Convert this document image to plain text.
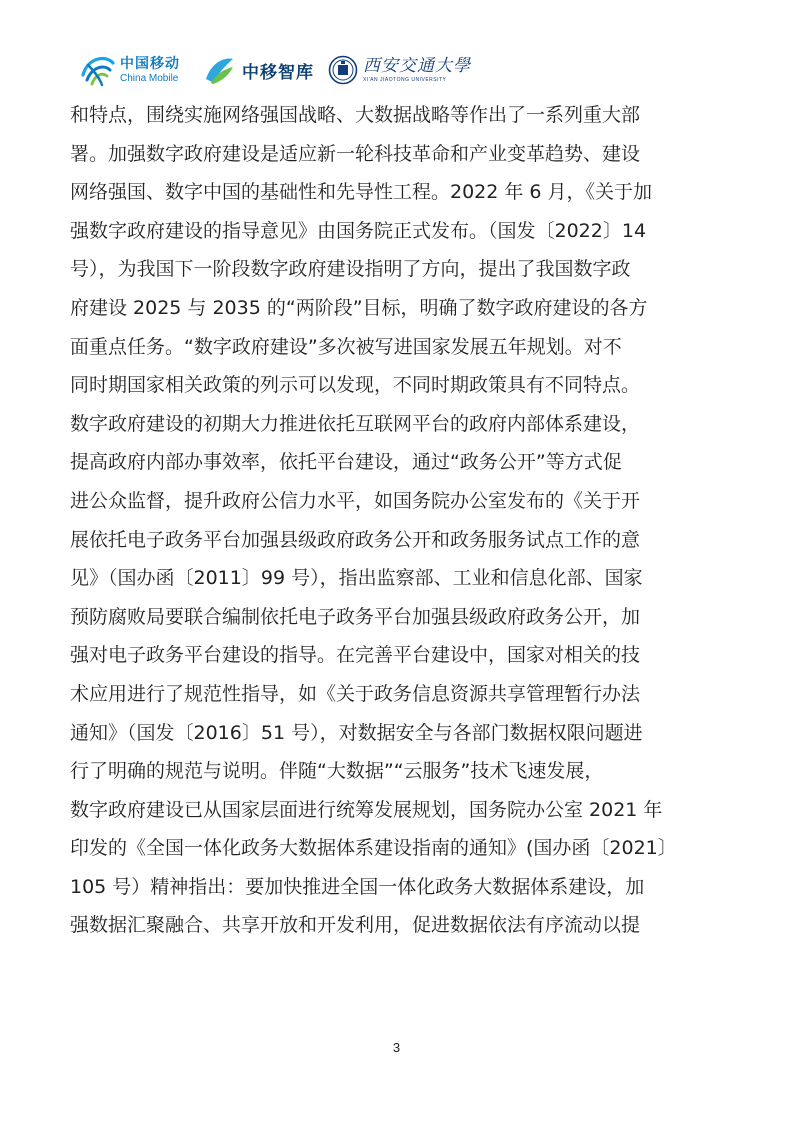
中国移动
China Mobile	中移智库	西安交通大學
XI'AN JIAOTONG UNIVERSITY

和特点，围绕实施网络强国战略、大数据战略等作出了一系列重大部

署。加强数字政府建设是适应新一轮科技革命和产业变革趋势、建设

网络强国、数字中国的基础性和先导性工程。2022 年 6 月，《关于加

强数字政府建设的指导意见》由国务院正式发布。（国发〔2022〕14

号），为我国下一阶段数字政府建设指明了方向，提出了我国数字政

府建设 2025 与 2035 的“两阶段”目标，明确了数字政府建设的各方

面重点任务。“数字政府建设”多次被写进国家发展五年规划。对不

同时期国家相关政策的列示可以发现，不同时期政策具有不同特点。

数字政府建设的初期大力推进依托互联网平台的政府内部体系建设，

提高政府内部办事效率，依托平台建设，通过“政务公开”等方式促

进公众监督，提升政府公信力水平，如国务院办公室发布的《关于开

展依托电子政务平台加强县级政府政务公开和政务服务试点工作的意

见》（国办函〔2011〕99 号），指出监察部、工业和信息化部、国家

预防腐败局要联合编制依托电子政务平台加强县级政府政务公开，加

强对电子政务平台建设的指导。在完善平台建设中，国家对相关的技

术应用进行了规范性指导，如《关于政务信息资源共享管理暂行办法

通知》（国发〔2016〕51 号），对数据安全与各部门数据权限问题进

行了明确的规范与说明。伴随“大数据”“云服务”技术飞速发展，

数字政府建设已从国家层面进行统筹发展规划，国务院办公室 2021 年

印发的《全国一体化政务大数据体系建设指南的通知》(国办函〔2021〕

105 号）精神指出：要加快推进全国一体化政务大数据体系建设，加

强数据汇聚融合、共享开放和开发利用，促进数据依法有序流动以提

3
